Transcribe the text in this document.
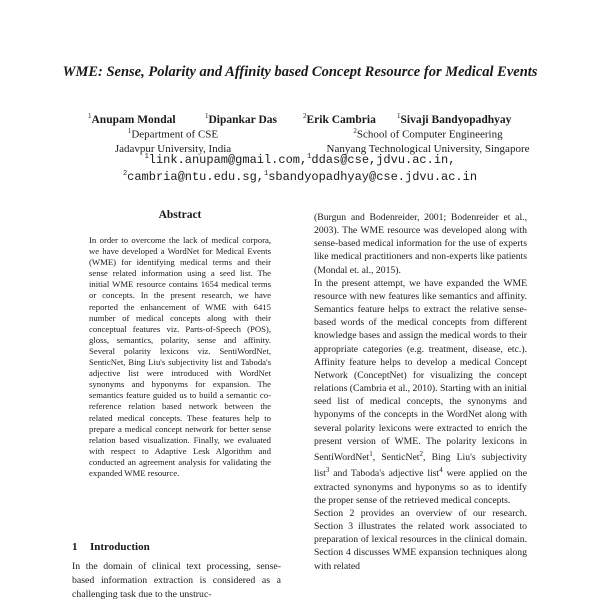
WME: Sense, Polarity and Affinity based Concept Resource for Medical Events
$^1$Anupam Mondal	$^1$Dipankar Das	$^2$Erik Cambria	$^1$Sivaji Bandyopadhyay
$^1$Department of CSE
Jadavpur University, India
$^2$School of Computer Engineering
Nanyang Technological University, Singapore
$^1$link.anupam@gmail.com,$^1$ddas@cse,jdvu.ac.in,
$^2$cambria@ntu.edu.sg,$^1$sbandyopadhyay@cse.jdvu.ac.in
Abstract
In order to overcome the lack of medical corpora, we have developed a WordNet for Medical Events (WME) for identifying medical terms and their sense related information using a seed list. The initial WME resource contains 1654 medical terms or concepts. In the present research, we have reported the enhancement of WME with 6415 number of medical concepts along with their conceptual features viz. Parts-of-Speech (POS), gloss, semantics, polarity, sense and affinity. Several polarity lexicons viz. SentiWordNet, SenticNet, Bing Liu's subjectivity list and Taboda's adjective list were introduced with WordNet synonyms and hyponyms for expansion. The semantics feature guided us to build a semantic co-reference relation based network between the related medical concepts. These features help to prepare a medical concept network for better sense relation based visualization. Finally, we evaluated with respect to Adaptive Lesk Algorithm and conducted an agreement analysis for validating the expanded WME resource.
1 Introduction
In the domain of clinical text processing, sense-based information extraction is considered as a challenging task due to the unstruc-

(Burgun and Bodenreider, 2001; Bodenreider et al., 2003). The WME resource was developed along with sense-based medical information for the use of experts like medical practitioners and non-experts like patients (Mondal et. al., 2015).

In the present attempt, we have expanded the WME resource with new features like semantics and affinity. Semantics feature helps to extract the relative sense-based words of the medical concepts from different knowledge bases and assign the medical words to their appropriate categories (e.g. treatment, disease, etc.). Affinity feature helps to develop a medical Concept Network (ConceptNet) for visualizing the concept relations (Cambria et al., 2010). Starting with an initial seed list of medical concepts, the synonyms and hyponyms of the concepts in the WordNet along with several polarity lexicons were extracted to enrich the present version of WME. The polarity lexicons in SentiWordNet$^1$, SenticNet$^2$, Bing Liu's subjectivity list$^3$ and Taboda's adjective list$^4$ were applied on the extracted synonyms and hyponyms so as to identify the proper sense of the retrieved medical concepts.

Section 2 provides an overview of our research. Section 3 illustrates the related work associated to preparation of lexical resources in the clinical domain. Section 4 discusses WME expansion techniques along with related
